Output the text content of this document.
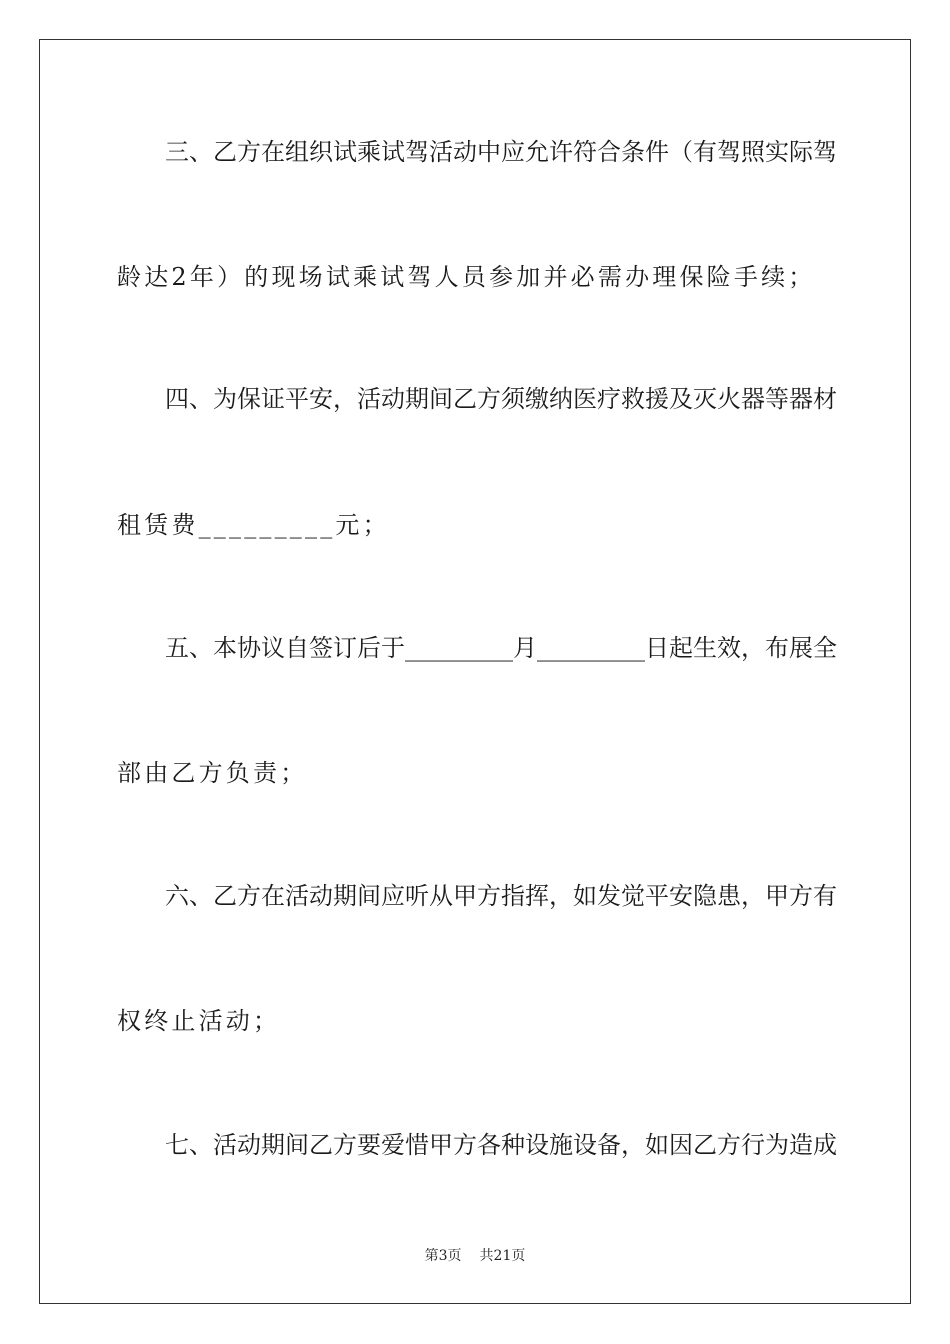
三、乙方在组织试乘试驾活动中应允许符合条件（有驾照实际驾
龄达2年）的现场试乘试驾人员参加并必需办理保险手续；
四、为保证平安，活动期间乙方须缴纳医疗救援及灭火器等器材
租赁费_________元；
五、本协议自签订后于_________月_________日起生效，布展全
部由乙方负责；
六、乙方在活动期间应听从甲方指挥，如发觉平安隐患，甲方有
权终止活动；
七、活动期间乙方要爱惜甲方各种设施设备，如因乙方行为造成
第3页 共21页
